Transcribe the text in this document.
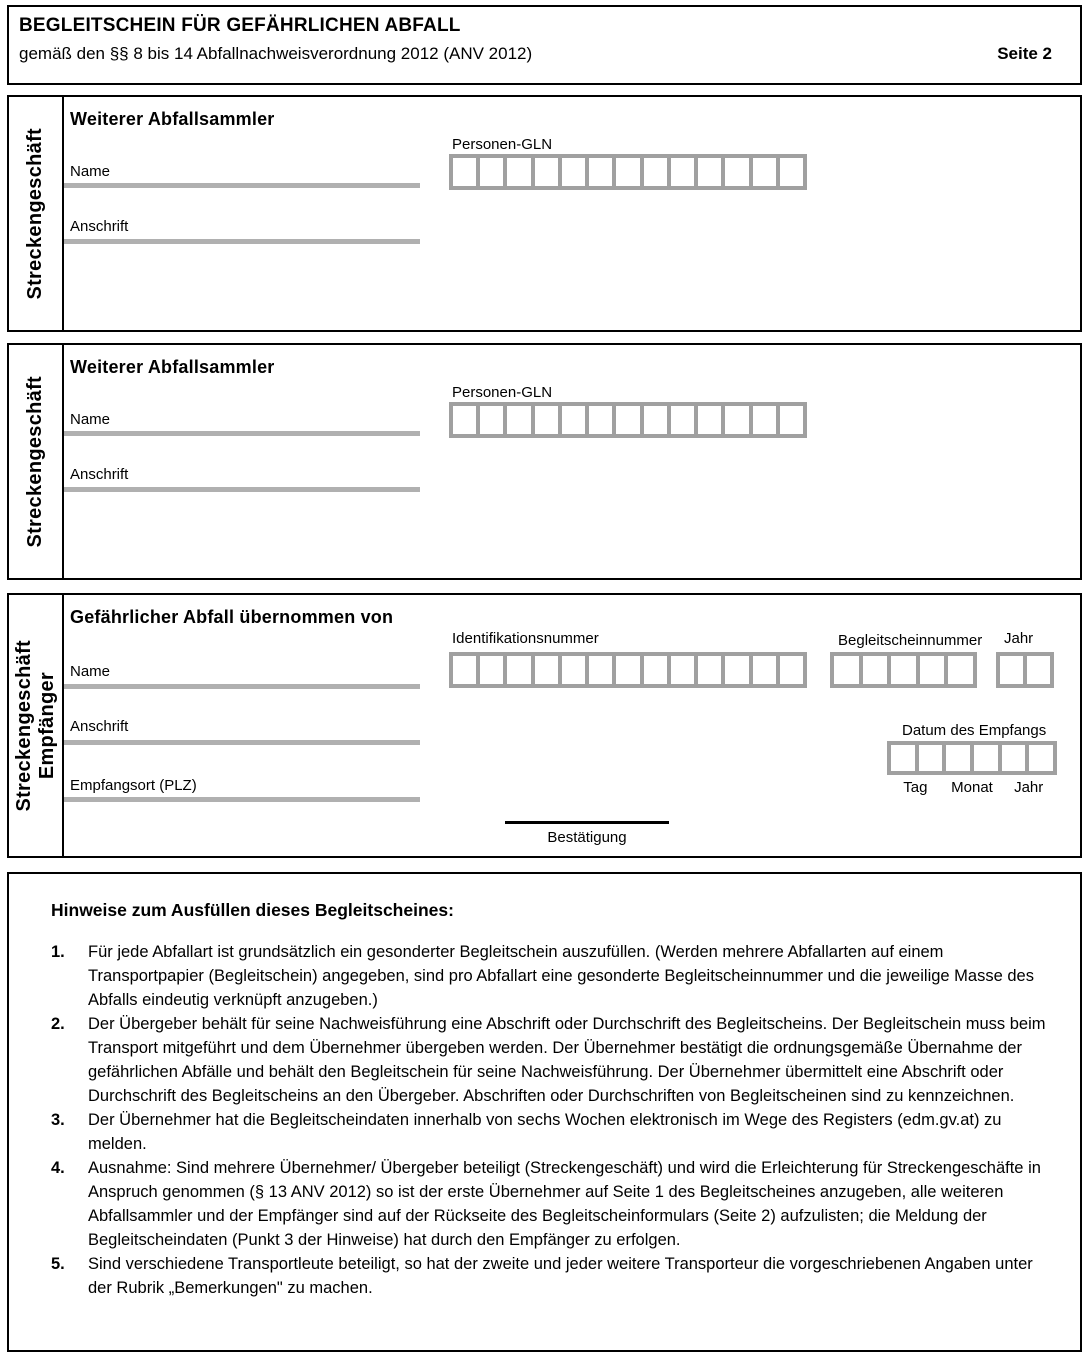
BEGLEITSCHEIN FÜR GEFÄHRLICHEN ABFALL
gemäß den §§ 8 bis 14 Abfallnachweisverordnung 2012 (ANV 2012)	Seite 2
Streckengeschäft
Weiterer Abfallsammler
Name
Anschrift
Personen-GLN
Streckengeschäft
Weiterer Abfallsammler
Name
Anschrift
Personen-GLN
Streckengeschäft Empfänger
Gefährlicher Abfall übernommen von
Name
Anschrift
Empfangsort (PLZ)
Identifikationsnummer	Begleitscheinnummer Jahr
Datum des Empfangs
Tag	Monat	Jahr
Bestätigung
Hinweise zum Ausfüllen dieses Begleitscheines:
1.	Für jede Abfallart ist grundsätzlich ein gesonderter Begleitschein auszufüllen. (Werden mehrere Abfallarten auf einem Transportpapier (Begleitschein) angegeben, sind pro Abfallart eine gesonderte Begleitscheinnummer und die jeweilige Masse des Abfalls eindeutig verknüpft anzugeben.)
2.	Der Übergeber behält für seine Nachweisführung eine Abschrift oder Durchschrift des Begleitscheins. Der Begleitschein muss beim Transport mitgeführt und dem Übernehmer übergeben werden. Der Übernehmer bestätigt die ordnungsgemäße Übernahme der gefährlichen Abfälle und behält den Begleitschein für seine Nachweisführung. Der Übernehmer übermittelt eine Abschrift oder Durchschrift des Begleitscheins an den Übergeber. Abschriften oder Durchschriften von Begleitscheinen sind zu kennzeichnen.
3.	Der Übernehmer hat die Begleitscheindaten innerhalb von sechs Wochen elektronisch im Wege des Registers (edm.gv.at) zu melden.
4.	Ausnahme: Sind mehrere Übernehmer/ Übergeber beteiligt (Streckengeschäft) und wird die Erleichterung für Streckengeschäfte in Anspruch genommen (§ 13 ANV 2012) so ist der erste Übernehmer auf Seite 1 des Begleitscheines anzugeben, alle weiteren Abfallsammler und der Empfänger sind auf der Rückseite des Begleitscheinformulars (Seite 2) aufzulisten; die Meldung der Begleitscheindaten (Punkt 3 der Hinweise) hat durch den Empfänger zu erfolgen.
5.	Sind verschiedene Transportleute beteiligt, so hat der zweite und jeder weitere Transporteur die vorgeschriebenen Angaben unter der Rubrik „Bemerkungen" zu machen.
